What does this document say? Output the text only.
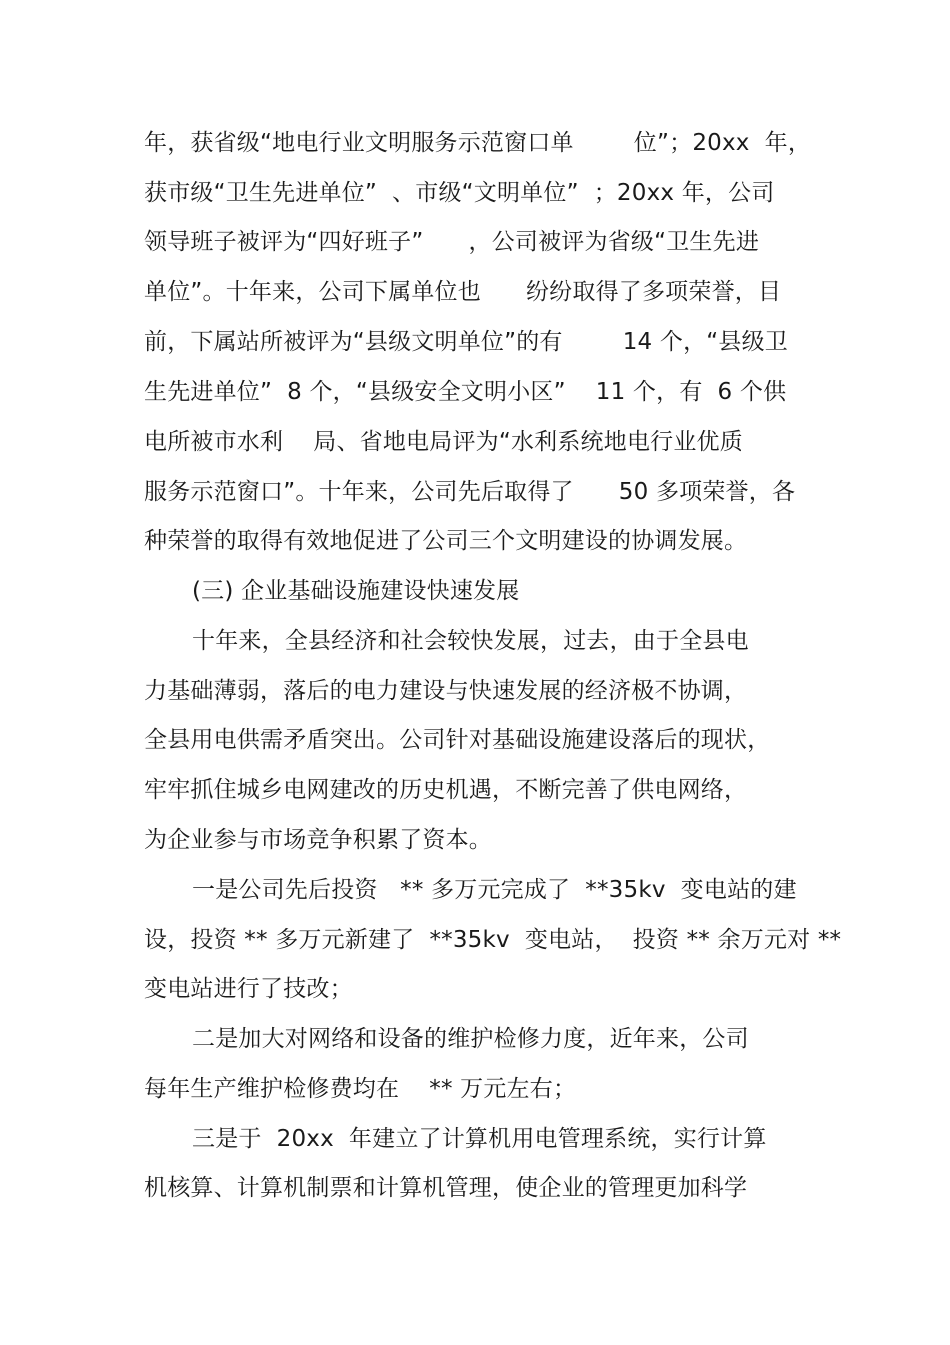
年，获省级“地电行业文明服务示范窗口单        位”；20xx  年，
获市级“卫生先进单位”  、市级“文明单位”  ；20xx 年，公司
领导班子被评为“四好班子”      ，公司被评为省级“卫生先进
单位”。十年来，公司下属单位也      纷纷取得了多项荣誉，目
前，下属站所被评为“县级文明单位”的有        14 个，“县级卫
生先进单位”  8 个，“县级安全文明小区”    11 个，有  6 个供
电所被市水利    局、省地电局评为“水利系统地电行业优质
服务示范窗口”。十年来，公司先后取得了      50 多项荣誉，各
种荣誉的取得有效地促进了公司三个文明建设的协调发展。
(三) 企业基础设施建设快速发展
十年来，全县经济和社会较快发展，过去，由于全县电
力基础薄弱，落后的电力建设与快速发展的经济极不协调，
全县用电供需矛盾突出。公司针对基础设施建设落后的现状，
牢牢抓住城乡电网建改的历史机遇，不断完善了供电网络，
为企业参与市场竞争积累了资本。
一是公司先后投资   ** 多万元完成了  **35kv  变电站的建
设，投资 ** 多万元新建了  **35kv  变电站，  投资 ** 余万元对 **
变电站进行了技改；
二是加大对网络和设备的维护检修力度，近年来，公司
每年生产维护检修费均在    ** 万元左右；
三是于  20xx  年建立了计算机用电管理系统，实行计算
机核算、计算机制票和计算机管理，使企业的管理更加科学
